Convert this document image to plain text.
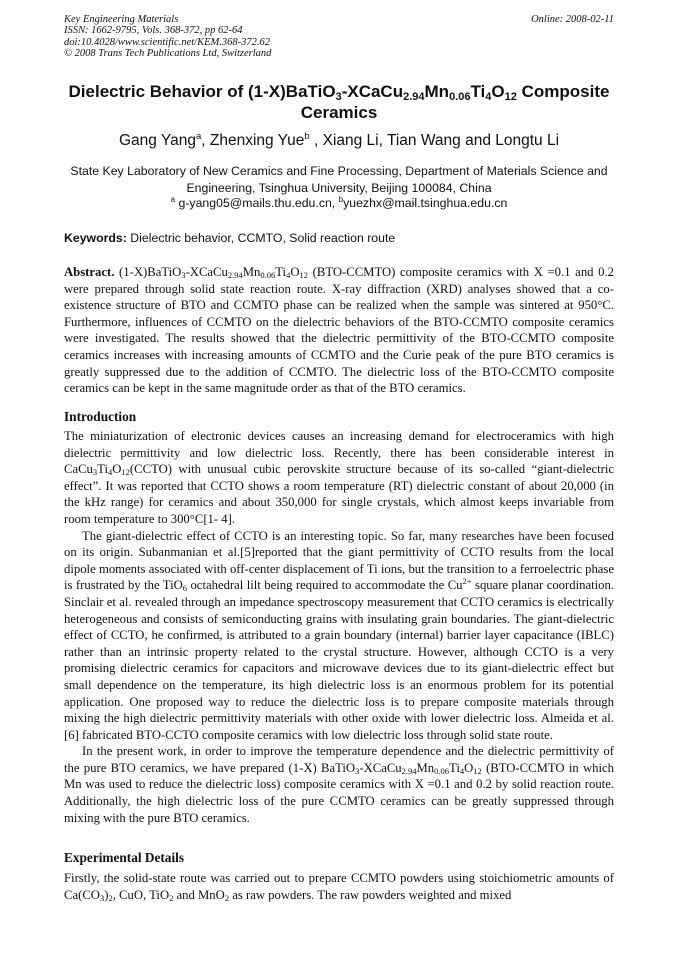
Key Engineering Materials
ISSN: 1662-9795, Vols. 368-372, pp 62-64
doi:10.4028/www.scientific.net/KEM.368-372.62
© 2008 Trans Tech Publications Ltd, Switzerland
Online: 2008-02-11
Dielectric Behavior of $(1-X)BaTiO_3-XCaCu_{2.94}Mn_{0.06}Ti_4O_{12}$ Composite Ceramics
Gang Yang$^a$, Zhenxing Yue$^b$ , Xiang Li, Tian Wang and Longtu Li
State Key Laboratory of New Ceramics and Fine Processing, Department of Materials Science and Engineering, Tsinghua University, Beijing 100084, China
$^a$ g-yang05@mails.thu.edu.cn, $^b$yuezhx@mail.tsinghua.edu.cn
Keywords: Dielectric behavior, CCMTO, Solid reaction route
Abstract. $(1-X)BaTiO_3-XCaCu_{2.94}Mn_{0.06}Ti_4O_{12}$ (BTO-CCMTO) composite ceramics with X =0.1 and 0.2 were prepared through solid state reaction route. X-ray diffraction (XRD) analyses showed that a co-existence structure of BTO and CCMTO phase can be realized when the sample was sintered at 950°C. Furthermore, influences of CCMTO on the dielectric behaviors of the BTO-CCMTO composite ceramics were investigated. The results showed that the dielectric permittivity of the BTO-CCMTO composite ceramics increases with increasing amounts of CCMTO and the Curie peak of the pure BTO ceramics is greatly suppressed due to the addition of CCMTO. The dielectric loss of the BTO-CCMTO composite ceramics can be kept in the same magnitude order as that of the BTO ceramics.
Introduction
The miniaturization of electronic devices causes an increasing demand for electroceramics with high dielectric permittivity and low dielectric loss. Recently, there has been considerable interest in $CaCu_3Ti_4O_{12}(CCTO)$ with unusual cubic perovskite structure because of its so-called “giant-dielectric effect”. It was reported that CCTO shows a room temperature (RT) dielectric constant of about 20,000 (in the kHz range) for ceramics and about 350,000 for single crystals, which almost keeps invariable from room temperature to 300°C[1- 4].
The giant-dielectric effect of CCTO is an interesting topic. So far, many researches have been focused on its origin. Subanmanian et al.[5]reported that the giant permittivity of CCTO results from the local dipole moments associated with off-center displacement of Ti ions, but the transition to a ferroelectric phase is frustrated by the TiO$_6$ octahedral lilt being required to accommodate the $Cu^{2+}$ square planar coordination. Sinclair et al. revealed through an impedance spectroscopy measurement that CCTO ceramics is electrically heterogeneous and consists of semiconducting grains with insulating grain boundaries. The giant-dielectric effect of CCTO, he confirmed, is attributed to a grain boundary (internal) barrier layer capacitance (IBLC) rather than an intrinsic property related to the crystal structure. However, although CCTO is a very promising dielectric ceramics for capacitors and microwave devices due to its giant-dielectric effect but small dependence on the temperature, its high dielectric loss is an enormous problem for its potential application. One proposed way to reduce the dielectric loss is to prepare composite materials through mixing the high dielectric permittivity materials with other oxide with lower dielectric loss. Almeida et al.[6] fabricated BTO-CCTO composite ceramics with low dielectric loss through solid state route.
In the present work, in order to improve the temperature dependence and the dielectric permittivity of the pure BTO ceramics, we have prepared (1-X) $BaTiO_3-XCaCu_{2.94}Mn_{0.06}Ti_4O_{12}$ (BTO-CCMTO in which Mn was used to reduce the dielectric loss) composite ceramics with X =0.1 and 0.2 by solid reaction route. Additionally, the high dielectric loss of the pure CCMTO ceramics can be greatly suppressed through mixing with the pure BTO ceramics.
Experimental Details
Firstly, the solid-state route was carried out to prepare CCMTO powders using stoichiometric amounts of $Ca(CO_3)_2$, CuO, TiO$_2$ and MnO$_2$ as raw powders. The raw powders weighted and mixed
